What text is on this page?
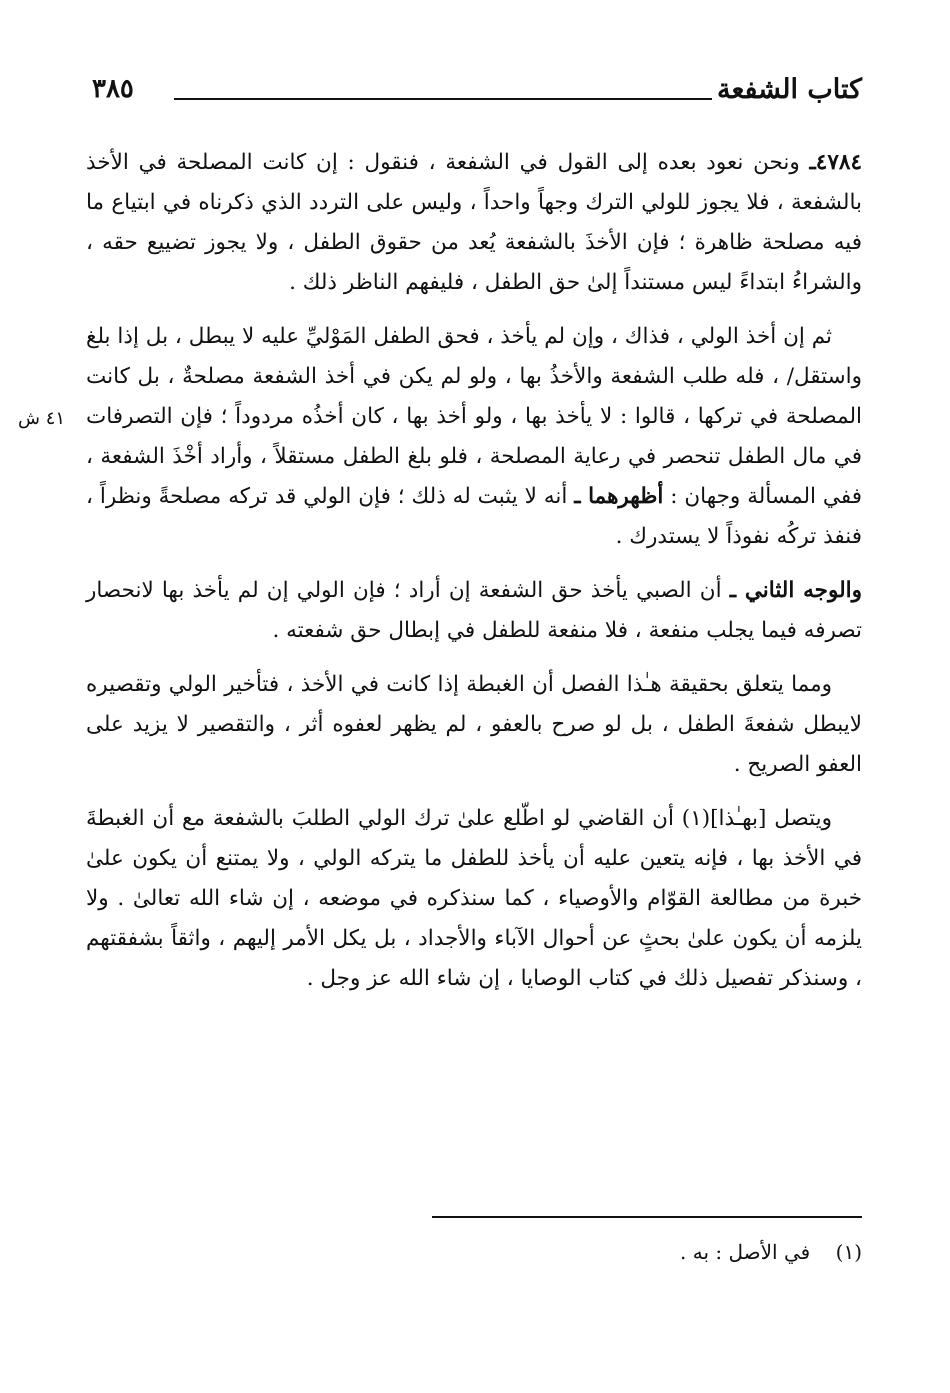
كتاب الشفعة
٣٨٥
٤١ ش

٤٧٨٤ـ ونحن نعود بعده إلى القول في الشفعة ، فنقول : إن كانت المصلحة في الأخذ بالشفعة ، فلا يجوز للولي الترك وجهاً واحداً ، وليس على التردد الذي ذكرناه في ابتياع ما فيه مصلحة ظاهرة ؛ فإن الأخذَ بالشفعة يُعد من حقوق الطفل ، ولا يجوز تضييع حقه ، والشراءُ ابتداءً ليس مستنداً إلىٰ حق الطفل ، فليفهم الناظر ذلك .

ثم إن أخذ الولي ، فذاك ، وإن لم يأخذ ، فحق الطفل المَوْليِّ عليه لا يبطل ، بل إذا بلغ واستقل/ ، فله طلب الشفعة والأخذُ بها ، ولو لم يكن في أخذ الشفعة مصلحةٌ ، بل كانت المصلحة في تركها ، قالوا : لا يأخذ بها ، ولو أخذ بها ، كان أخذُه مردوداً ؛ فإن التصرفات في مال الطفل تنحصر في رعاية المصلحة ، فلو بلغ الطفل مستقلاً ، وأراد أخْذَ الشفعة ، ففي المسألة وجهان : أظهرهما ـ أنه لا يثبت له ذلك ؛ فإن الولي قد تركه مصلحةً ونظراً ، فنفذ تركُه نفوذاً لا يستدرك .

والوجه الثاني ـ أن الصبي يأخذ حق الشفعة إن أراد ؛ فإن الولي إن لم يأخذ بها لانحصار تصرفه فيما يجلب منفعة ، فلا منفعة للطفل في إبطال حق شفعته .

ومما يتعلق بحقيقة هـٰذا الفصل أن الغبطة إذا كانت في الأخذ ، فتأخير الولي وتقصيره لايبطل شفعةَ الطفل ، بل لو صرح بالعفو ، لم يظهر لعفوه أثر ، والتقصير لا يزيد على العفو الصريح .

ويتصل [بهـٰذا](١) أن القاضي لو اطّلع علىٰ ترك الولي الطلبَ بالشفعة مع أن الغبطةَ في الأخذ بها ، فإنه يتعين عليه أن يأخذ للطفل ما يتركه الولي ، ولا يمتنع أن يكون علىٰ خبرة من مطالعة القوّام والأوصياء ، كما سنذكره في موضعه ، إن شاء الله تعالىٰ . ولا يلزمه أن يكون علىٰ بحثٍ عن أحوال الآباء والأجداد ، بل يكل الأمر إليهم ، واثقاً بشفقتهم ، وسنذكر تفصيل ذلك في كتاب الوصايا ، إن شاء الله عز وجل .

(١)    في الأصل : به .
